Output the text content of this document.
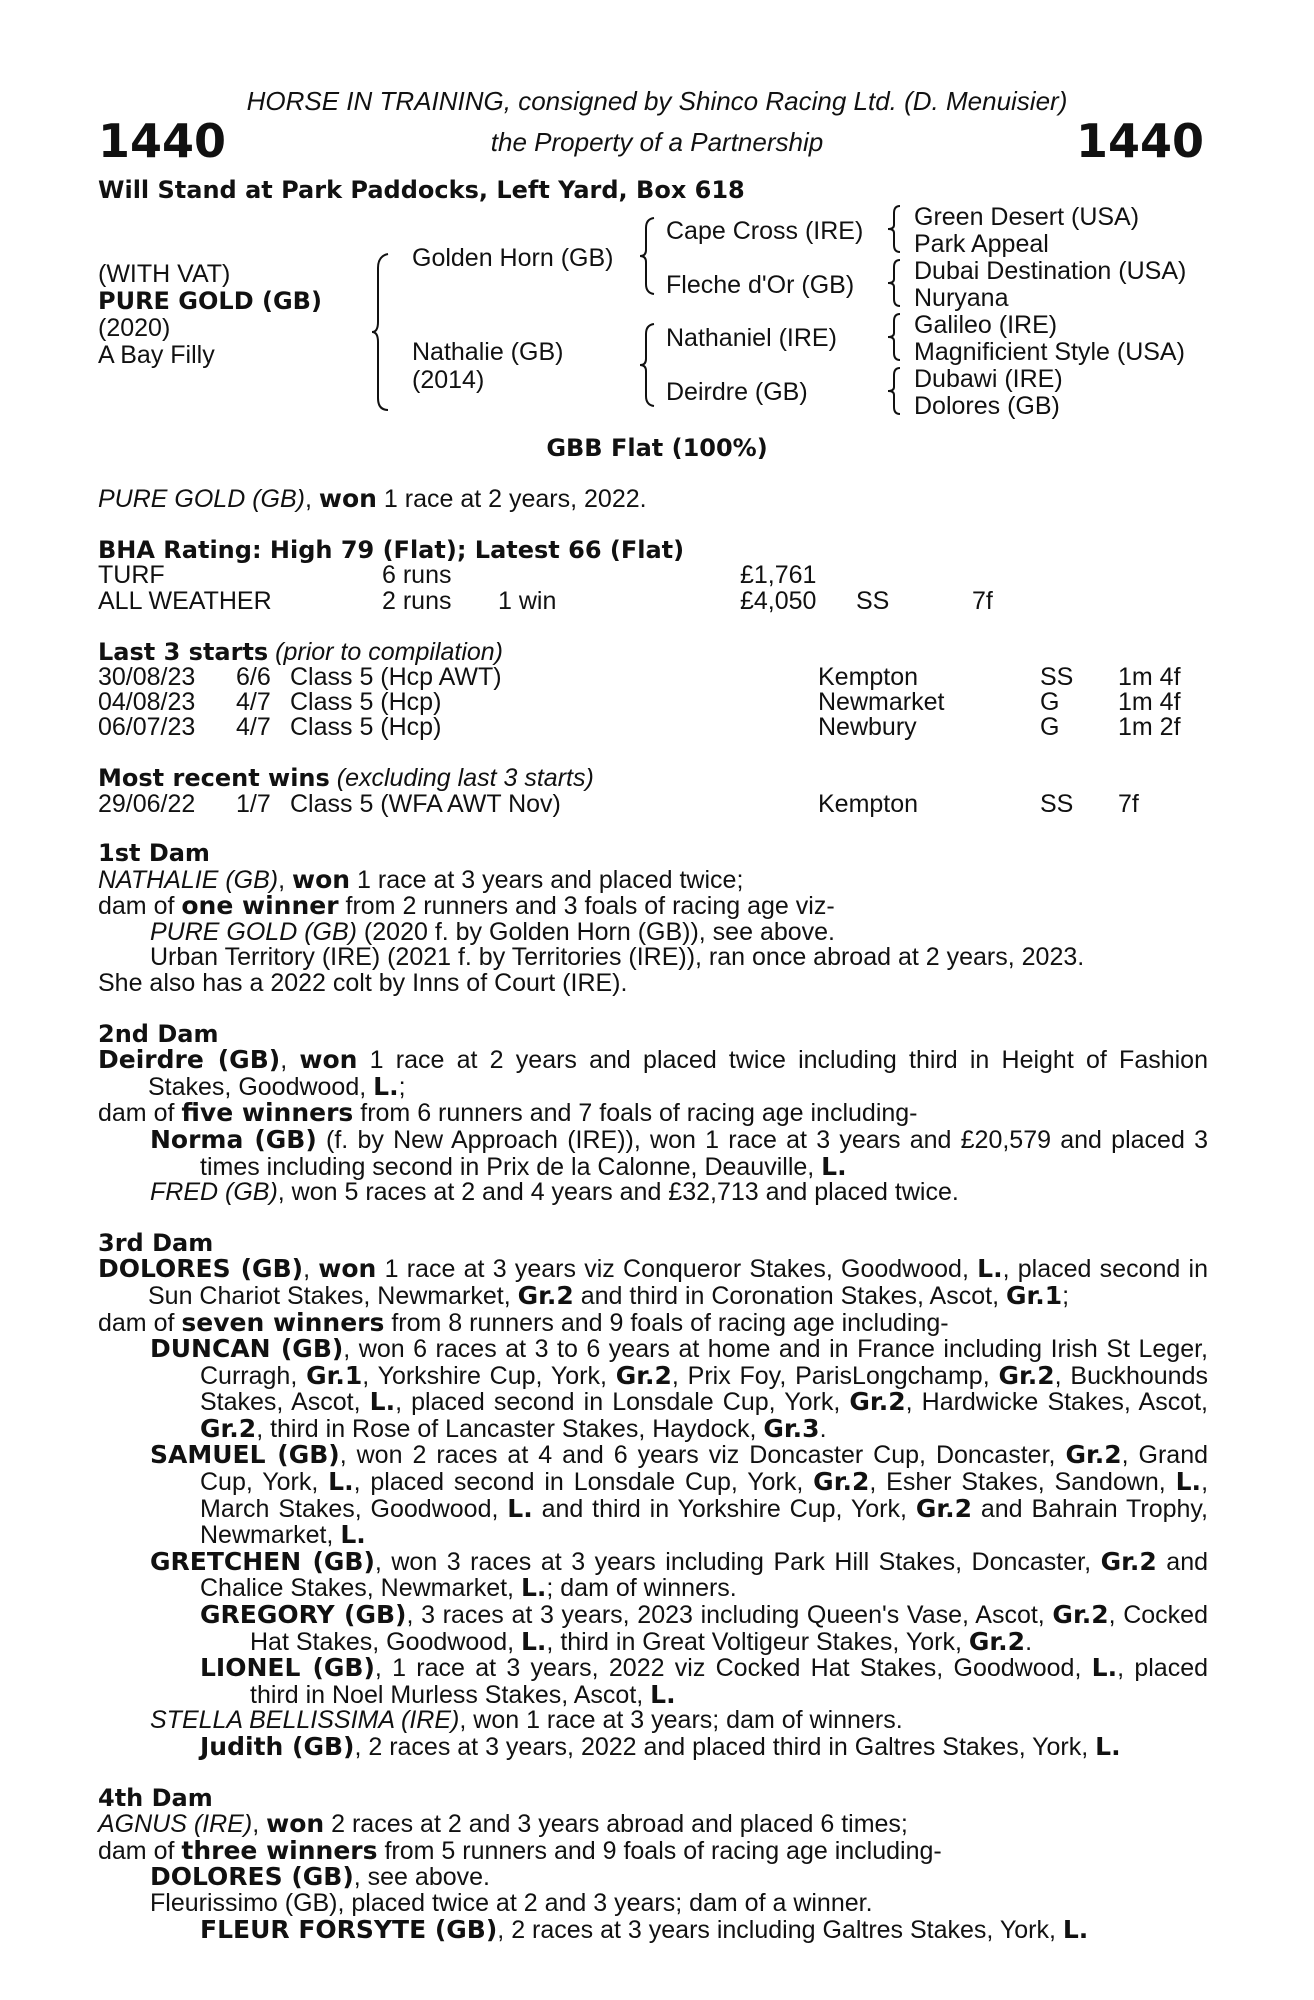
HORSE IN TRAINING, consigned by Shinco Racing Ltd. (D. Menuisier)
1440	the Property of a Partnership	1440
Will Stand at Park Paddocks, Left Yard, Box 618
(WITH VAT)
PURE GOLD (GB)
(2020)
A Bay Filly
Golden Horn (GB)
Nathalie (GB)
(2014)
Cape Cross (IRE)
Fleche d'Or (GB)
Nathaniel (IRE)
Deirdre (GB)
Green Desert (USA)
Park Appeal
Dubai Destination (USA)
Nuryana
Galileo (IRE)
Magnificient Style (USA)
Dubawi (IRE)
Dolores (GB)
GBB Flat (100%)
PURE GOLD (GB), won 1 race at 2 years, 2022.
BHA Rating: High 79 (Flat); Latest 66 (Flat)
TURF	6 runs	£1,761
ALL WEATHER	2 runs 1 win	£4,050 SS	7f
Last 3 starts (prior to compilation)
30/08/23 6/6 Class 5 (Hcp AWT)	Kempton	SS 1m 4f
04/08/23 4/7 Class 5 (Hcp)	Newmarket	G 1m 4f
06/07/23 4/7 Class 5 (Hcp)	Newbury	G 1m 2f
Most recent wins (excluding last 3 starts)
29/06/22 1/7 Class 5 (WFA AWT Nov)	Kempton	SS 7f

1st Dam

NATHALIE (GB), won 1 race at 3 years and placed twice;

dam of one winner from 2 runners and 3 foals of racing age viz-

PURE GOLD (GB) (2020 f. by Golden Horn (GB)), see above.

Urban Territory (IRE) (2021 f. by Territories (IRE)), ran once abroad at 2 years, 2023.

She also has a 2022 colt by Inns of Court (IRE).

2nd Dam

Deirdre (GB), won 1 race at 2 years and placed twice including third in Height of Fashion Stakes, Goodwood, L.;

dam of five winners from 6 runners and 7 foals of racing age including-

Norma (GB) (f. by New Approach (IRE)), won 1 race at 3 years and £20,579 and placed 3 times including second in Prix de la Calonne, Deauville, L.

FRED (GB), won 5 races at 2 and 4 years and £32,713 and placed twice.

3rd Dam

DOLORES (GB), won 1 race at 3 years viz Conqueror Stakes, Goodwood, L., placed second in Sun Chariot Stakes, Newmarket, Gr.2 and third in Coronation Stakes, Ascot, Gr.1;

dam of seven winners from 8 runners and 9 foals of racing age including-

DUNCAN (GB), won 6 races at 3 to 6 years at home and in France including Irish St Leger, Curragh, Gr.1, Yorkshire Cup, York, Gr.2, Prix Foy, ParisLongchamp, Gr.2, Buckhounds Stakes, Ascot, L., placed second in Lonsdale Cup, York, Gr.2, Hardwicke Stakes, Ascot, Gr.2, third in Rose of Lancaster Stakes, Haydock, Gr.3.

SAMUEL (GB), won 2 races at 4 and 6 years viz Doncaster Cup, Doncaster, Gr.2, Grand Cup, York, L., placed second in Lonsdale Cup, York, Gr.2, Esher Stakes, Sandown, L., March Stakes, Goodwood, L. and third in Yorkshire Cup, York, Gr.2 and Bahrain Trophy, Newmarket, L.

GRETCHEN (GB), won 3 races at 3 years including Park Hill Stakes, Doncaster, Gr.2 and Chalice Stakes, Newmarket, L.; dam of winners.

GREGORY (GB), 3 races at 3 years, 2023 including Queen's Vase, Ascot, Gr.2, Cocked Hat Stakes, Goodwood, L., third in Great Voltigeur Stakes, York, Gr.2.

LIONEL (GB), 1 race at 3 years, 2022 viz Cocked Hat Stakes, Goodwood, L., placed third in Noel Murless Stakes, Ascot, L.

STELLA BELLISSIMA (IRE), won 1 race at 3 years; dam of winners.

Judith (GB), 2 races at 3 years, 2022 and placed third in Galtres Stakes, York, L.

4th Dam

AGNUS (IRE), won 2 races at 2 and 3 years abroad and placed 6 times;

dam of three winners from 5 runners and 9 foals of racing age including-

DOLORES (GB), see above.

Fleurissimo (GB), placed twice at 2 and 3 years; dam of a winner.

FLEUR FORSYTE (GB), 2 races at 3 years including Galtres Stakes, York, L.
